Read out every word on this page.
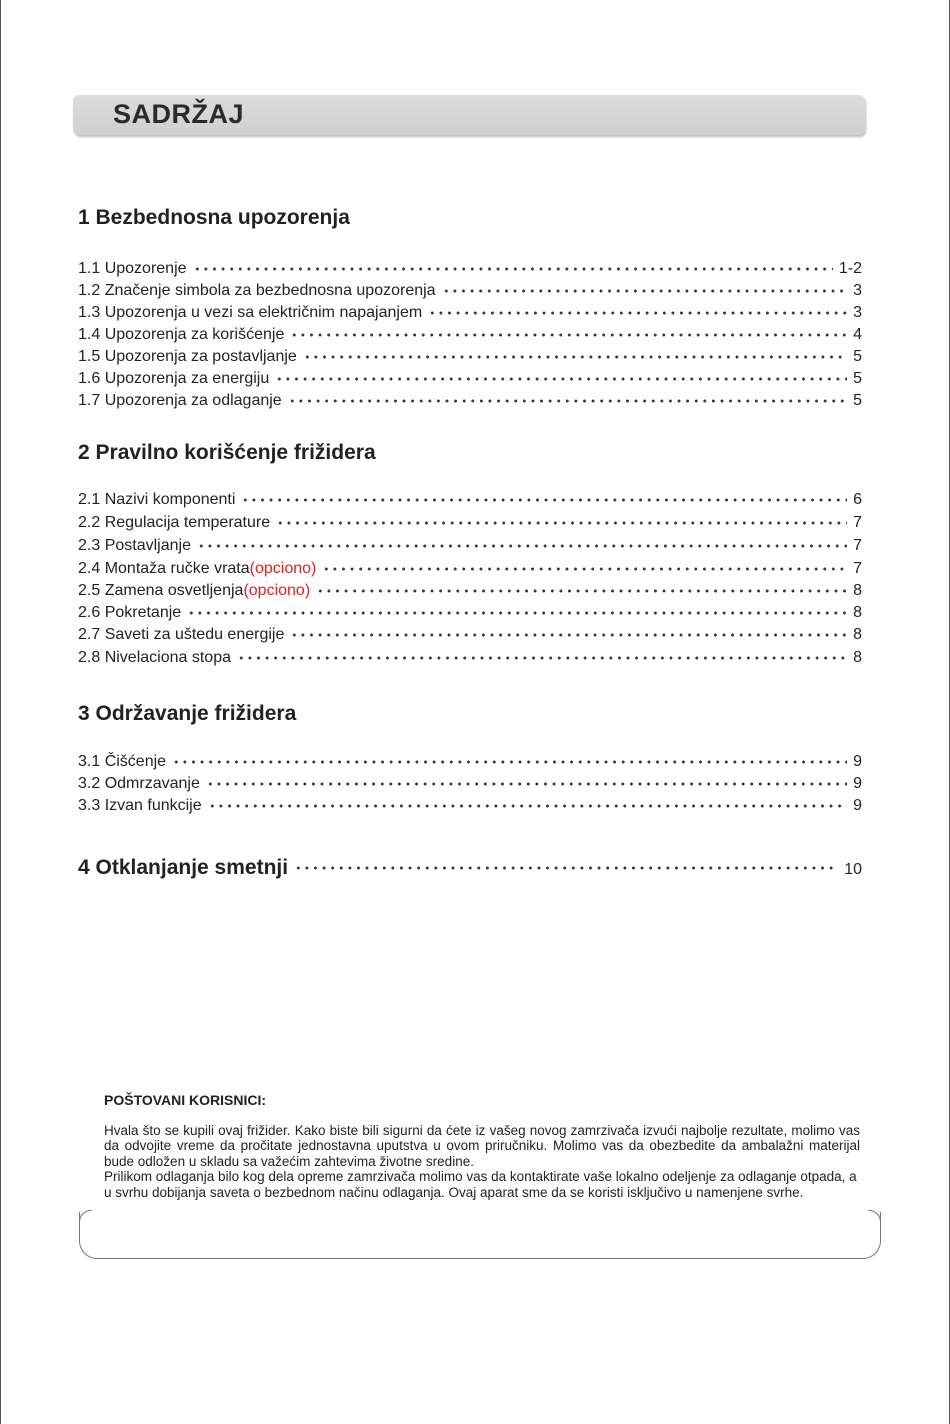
SADRŽAJ
1 Bezbednosna upozorenja
1.1 Upozorenje	1-2
1.2 Značenje simbola za bezbednosna upozorenja	3
1.3 Upozorenja u vezi sa električnim napajanjem	3
1.4 Upozorenja za korišćenje	4
1.5 Upozorenja za postavljanje	5
1.6 Upozorenja za energiju	5
1.7 Upozorenja za odlaganje	5
2 Pravilno korišćenje frižidera
2.1 Nazivi komponenti	6
2.2 Regulacija temperature	7
2.3 Postavljanje	7
2.4 Montaža ručke vrata (opciono)	7
2.5 Zamena osvetljenja (opciono)	8
2.6 Pokretanje	8
2.7 Saveti za uštedu energije	8
2.8 Nivelaciona stopa	8
3 Održavanje frižidera
3.1 Čišćenje	9
3.2 Odmrzavanje	9
3.3 Izvan funkcije	9
4 Otklanjanje smetnji	10
POŠTOVANI KORISNICI:

Hvala što se kupili ovaj frižider. Kako biste bili sigurni da ćete iz vašeg novog zamrzivača izvući najbolje rezultate, molimo vas da odvojite vreme da pročitate jednostavna uputstva u ovom priručniku. Molimo vas da obezbedite da ambalažni materijal bude odložen u skladu sa važećim zahtevima životne sredine.

Prilikom odlaganja bilo kog dela opreme zamrzivača molimo vas da kontaktirate vaše lokalno odeljenje za odlaganje otpada, a u svrhu dobijanja saveta o bezbednom načinu odlaganja. Ovaj aparat sme da se koristi isključivo u namenjene svrhe.
